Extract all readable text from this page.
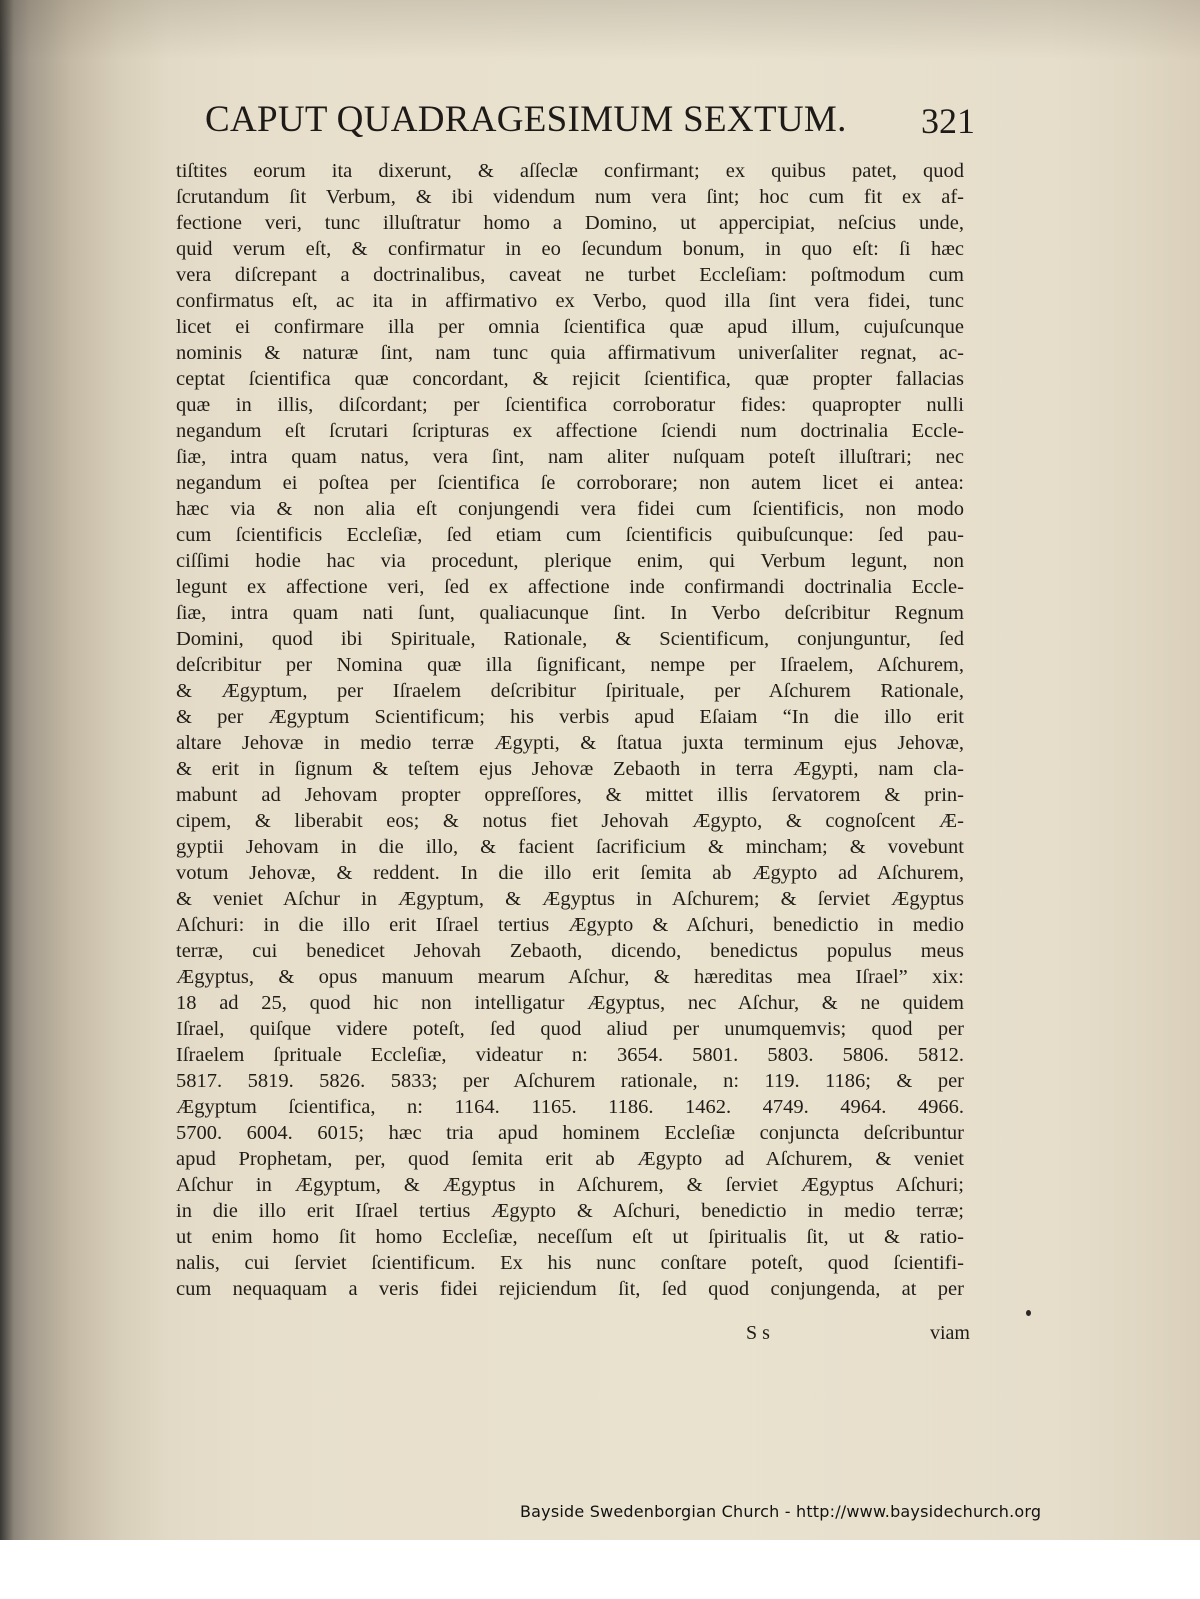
CAPUT QUADRAGESIMUM SEXTUM. 321
tiſtites eorum ita dixerunt, & aſſeclæ confirmant; ex quibus patet, quod
ſcrutandum ſit Verbum, & ibi videndum num vera ſint; hoc cum fit ex af-
fectione veri, tunc illuſtratur homo a Domino, ut appercipiat, neſcius unde,
quid verum eſt, & confirmatur in eo ſecundum bonum, in quo eſt: ſi hæc
vera diſcrepant a doctrinalibus, caveat ne turbet Eccleſiam: poſtmodum cum
confirmatus eſt, ac ita in affirmativo ex Verbo, quod illa ſint vera fidei, tunc
licet ei confirmare illa per omnia ſcientifica quæ apud illum, cujuſcunque
nominis & naturæ ſint, nam tunc quia affirmativum univerſaliter regnat, ac-
ceptat ſcientifica quæ concordant, & rejicit ſcientifica, quæ propter fallacias
quæ in illis, diſcordant; per ſcientifica corroboratur fides: quapropter nulli
negandum eſt ſcrutari ſcripturas ex affectione ſciendi num doctrinalia Eccle-
ſiæ, intra quam natus, vera ſint, nam aliter nuſquam poteſt illuſtrari; nec
negandum ei poſtea per ſcientifica ſe corroborare; non autem licet ei antea:
hæc via & non alia eſt conjungendi vera fidei cum ſcientificis, non modo
cum ſcientificis Eccleſiæ, ſed etiam cum ſcientificis quibuſcunque: ſed pau-
ciſſimi hodie hac via procedunt, plerique enim, qui Verbum legunt, non
legunt ex affectione veri, ſed ex affectione inde confirmandi doctrinalia Eccle-
ſiæ, intra quam nati ſunt, qualiacunque ſint. In Verbo deſcribitur Regnum
Domini, quod ibi Spirituale, Rationale, & Scientificum, conjunguntur, ſed
deſcribitur per Nomina quæ illa ſignificant, nempe per Iſraelem, Aſchurem,
& Ægyptum, per Iſraelem deſcribitur ſpirituale, per Aſchurem Rationale,
& per Ægyptum Scientificum; his verbis apud Eſaiam “In die illo erit
altare Jehovæ in medio terræ Ægypti, & ſtatua juxta terminum ejus Jehovæ,
& erit in ſignum & teſtem ejus Jehovæ Zebaoth in terra Ægypti, nam cla-
mabunt ad Jehovam propter oppreſſores, & mittet illis ſervatorem & prin-
cipem, & liberabit eos; & notus fiet Jehovah Ægypto, & cognoſcent Æ-
gyptii Jehovam in die illo, & facient ſacrificium & mincham; & vovebunt
votum Jehovæ, & reddent. In die illo erit ſemita ab Ægypto ad Aſchurem,
& veniet Aſchur in Ægyptum, & Ægyptus in Aſchurem; & ſerviet Ægyptus
Aſchuri: in die illo erit Iſrael tertius Ægypto & Aſchuri, benedictio in medio
terræ, cui benedicet Jehovah Zebaoth, dicendo, benedictus populus meus
Ægyptus, & opus manuum mearum Aſchur, & hæreditas mea Iſrael” xix:
18 ad 25, quod hic non intelligatur Ægyptus, nec Aſchur, & ne quidem
Iſrael, quiſque videre poteſt, ſed quod aliud per unumquemvis; quod per
Iſraelem ſprituale Eccleſiæ, videatur n: 3654. 5801. 5803. 5806. 5812.
5817. 5819. 5826. 5833; per Aſchurem rationale, n: 119. 1186; & per
Ægyptum ſcientifica, n: 1164. 1165. 1186. 1462. 4749. 4964. 4966.
5700. 6004. 6015; hæc tria apud hominem Eccleſiæ conjuncta deſcribuntur
apud Prophetam, per, quod ſemita erit ab Ægypto ad Aſchurem, & veniet
Aſchur in Ægyptum, & Ægyptus in Aſchurem, & ſerviet Ægyptus Aſchuri;
in die illo erit Iſrael tertius Ægypto & Aſchuri, benedictio in medio terræ;
ut enim homo ſit homo Eccleſiæ, neceſſum eſt ut ſpiritualis ſit, ut & ratio-
nalis, cui ſerviet ſcientificum. Ex his nunc conſtare poteſt, quod ſcientifi-
cum nequaquam a veris fidei rejiciendum ſit, ſed quod conjungenda, at per
S s	viam
Bayside Swedenborgian Church - http://www.baysidechurch.org
